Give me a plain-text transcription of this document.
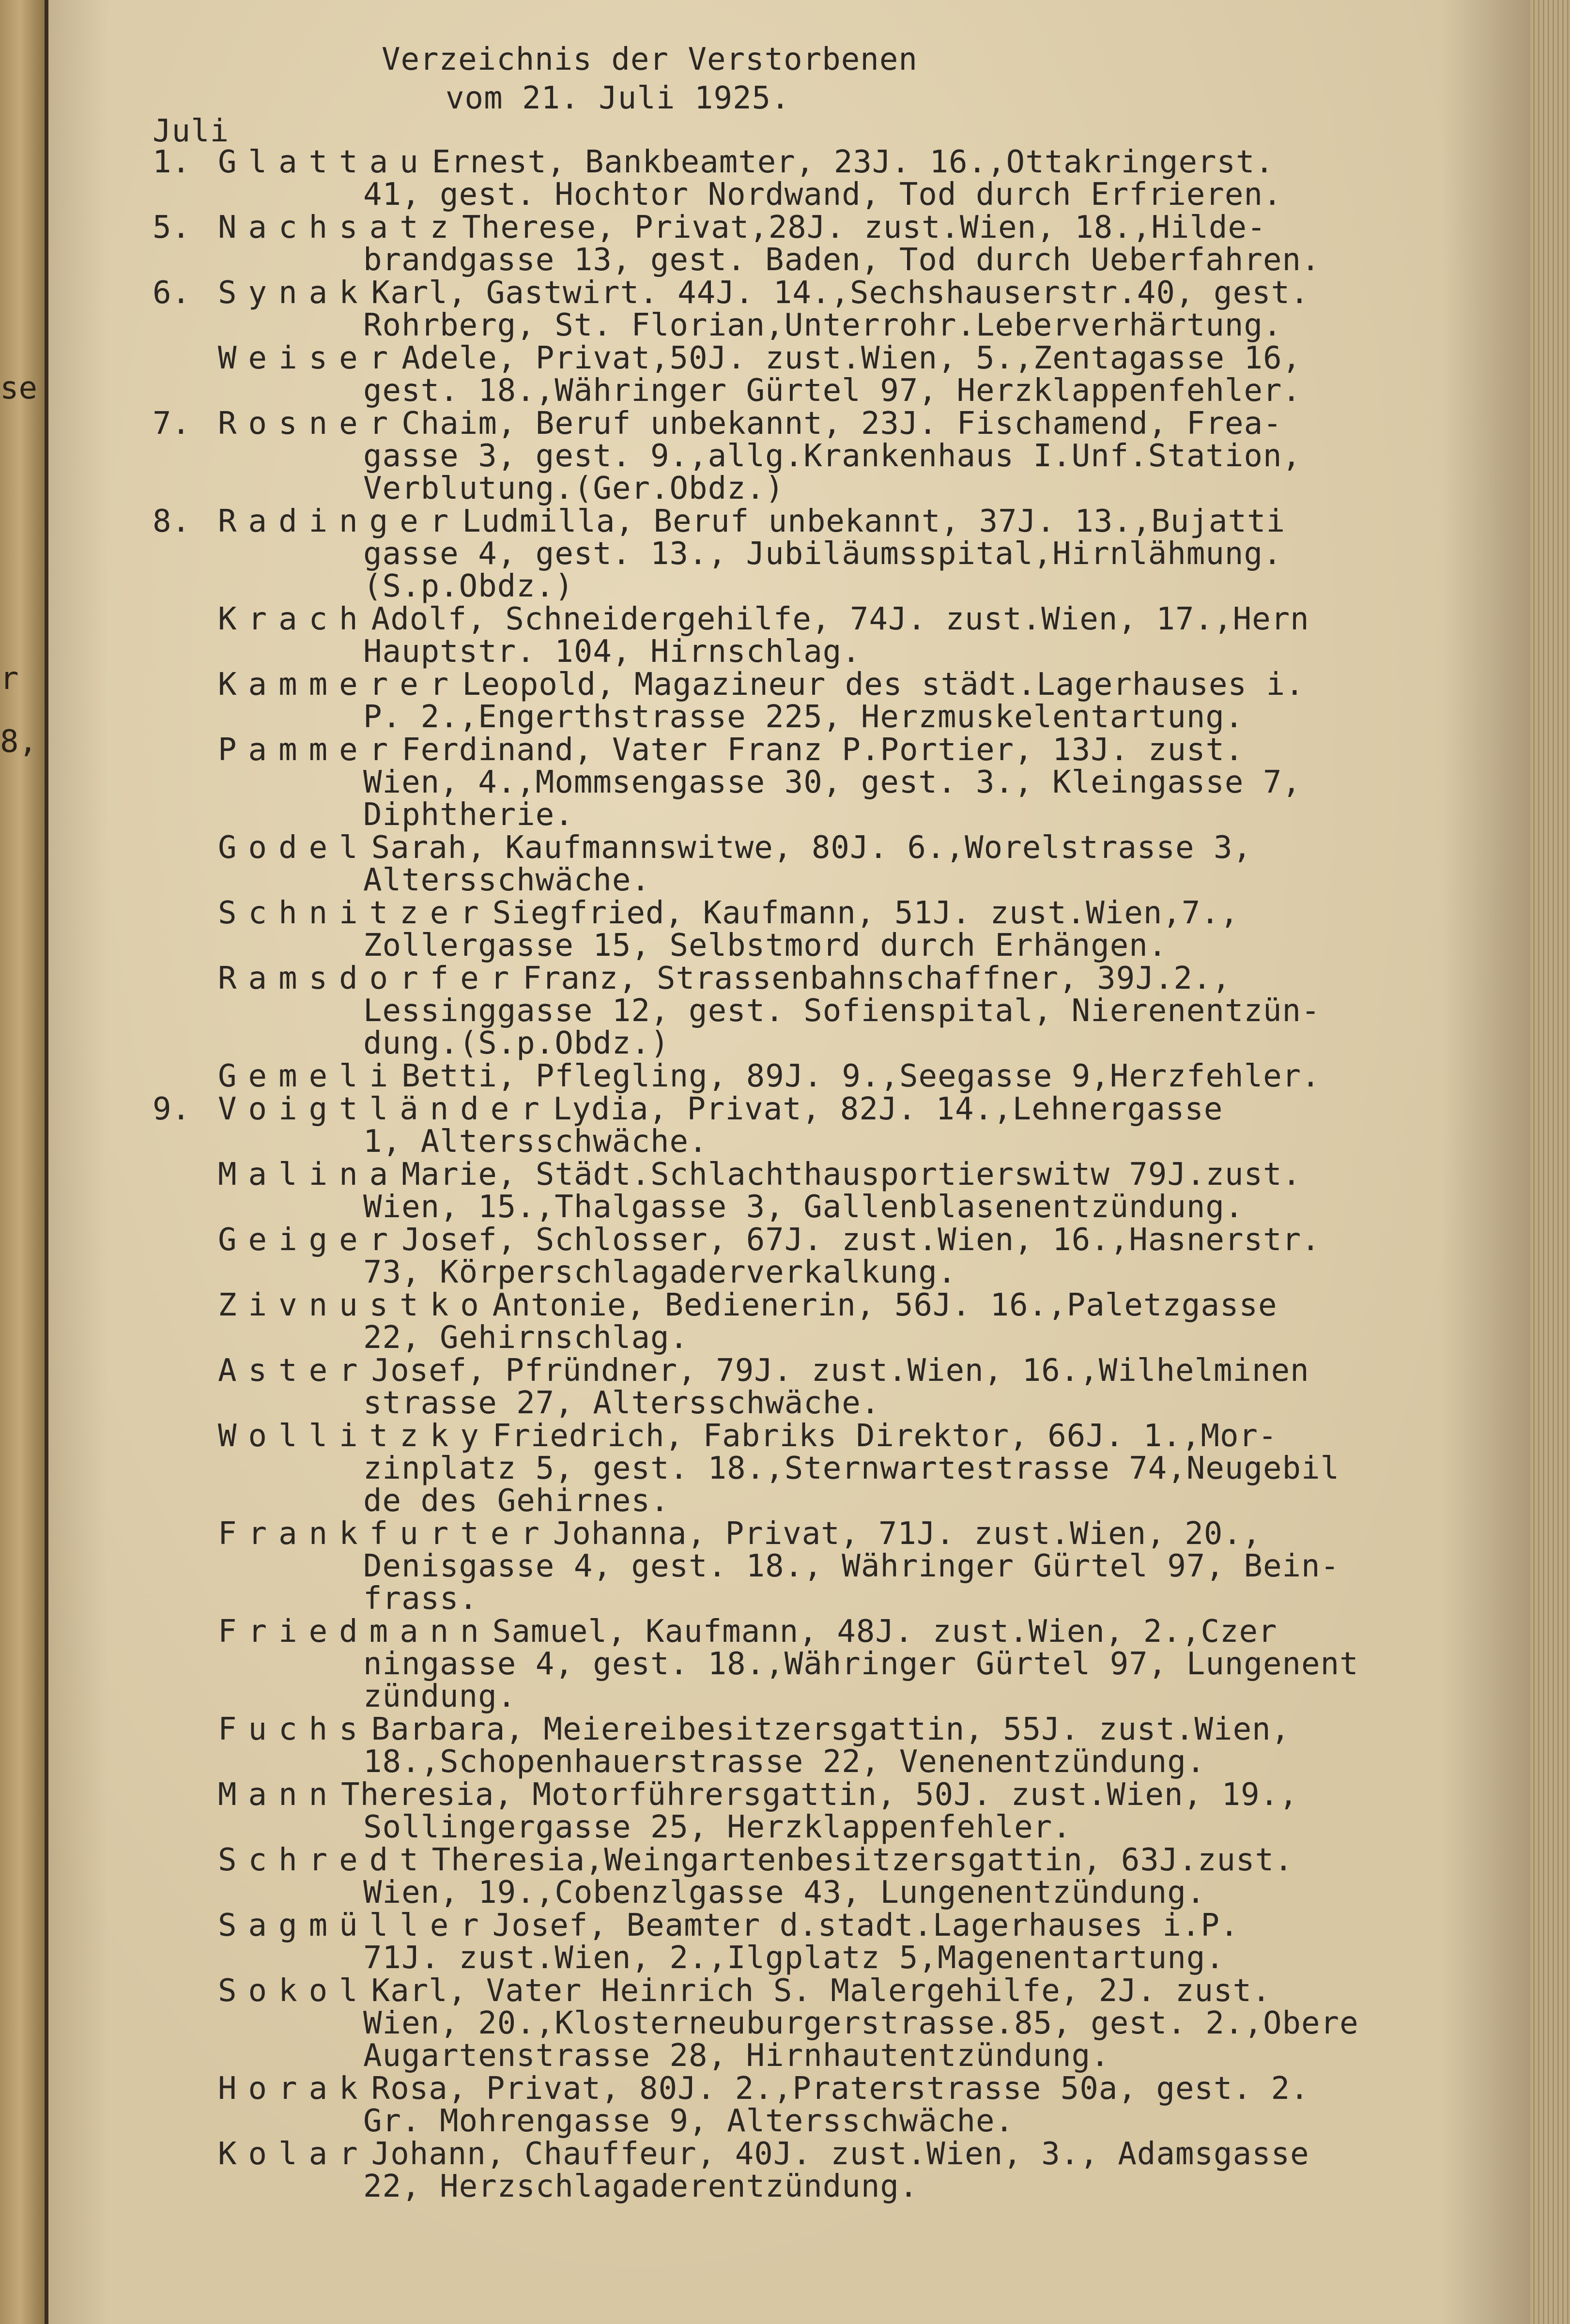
se
r
8,
Verzeichnis der Verstorbenen
vom 21. Juli 1925.
Juli
1. GlattauErnest, Bankbeamter, 23J. 16.,Ottakringerst.
41, gest. Hochtor Nordwand, Tod durch Erfrieren.
5. NachsatzTherese, Privat,28J. zust.Wien, 18.,Hilde-
brandgasse 13, gest. Baden, Tod durch Ueberfahren.
6. SynakKarl, Gastwirt. 44J. 14.,Sechshauserstr.40, gest.
Rohrberg, St. Florian,Unterrohr.Leberverhärtung.
WeiserAdele, Privat,50J. zust.Wien, 5.,Zentagasse 16,
gest. 18.,Währinger Gürtel 97, Herzklappenfehler.
7. RosnerChaim, Beruf unbekannt, 23J. Fischamend, Frea-
gasse 3, gest. 9.,allg.Krankenhaus I.Unf.Station,
Verblutung.(Ger.Obdz.)
8. RadingerLudmilla, Beruf unbekannt, 37J. 13.,Bujatti
gasse 4, gest. 13., Jubiläumsspital,Hirnlähmung.
(S.p.Obdz.)
KrachAdolf, Schneidergehilfe, 74J. zust.Wien, 17.,Hern
Hauptstr. 104, Hirnschlag.
KammererLeopold, Magazineur des städt.Lagerhauses i.
P. 2.,Engerthstrasse 225, Herzmuskelentartung.
PammerFerdinand, Vater Franz P.Portier, 13J. zust.
Wien, 4.,Mommsengasse 30, gest. 3., Kleingasse 7,
Diphtherie.
GodelSarah, Kaufmannswitwe, 80J. 6.,Worelstrasse 3,
Altersschwäche.
SchnitzerSiegfried, Kaufmann, 51J. zust.Wien,7.,
Zollergasse 15, Selbstmord durch Erhängen.
RamsdorferFranz, Strassenbahnschaffner, 39J.2.,
Lessinggasse 12, gest. Sofienspital, Nierenentzün-
dung.(S.p.Obdz.)
GemeliBetti, Pflegling, 89J. 9.,Seegasse 9,Herzfehler.
9. VoigtländerLydia, Privat, 82J. 14.,Lehnergasse
1, Altersschwäche.
MalinaMarie, Städt.Schlachthausportierswitw 79J.zust.
Wien, 15.,Thalgasse 3, Gallenblasenentzündung.
GeigerJosef, Schlosser, 67J. zust.Wien, 16.,Hasnerstr.
73, Körperschlagaderverkalkung.
ZivnustkoAntonie, Bedienerin, 56J. 16.,Paletzgasse
22, Gehirnschlag.
AsterJosef, Pfründner, 79J. zust.Wien, 16.,Wilhelminen
strasse 27, Altersschwäche.
WollitzkyFriedrich, Fabriks Direktor, 66J. 1.,Mor-
zinplatz 5, gest. 18.,Sternwartestrasse 74,Neugebil
de des Gehirnes.
FrankfurterJohanna, Privat, 71J. zust.Wien, 20.,
Denisgasse 4, gest. 18., Währinger Gürtel 97, Bein-
frass.
FriedmannSamuel, Kaufmann, 48J. zust.Wien, 2.,Czer
ningasse 4, gest. 18.,Währinger Gürtel 97, Lungenent
zündung.
FuchsBarbara, Meiereibesitzersgattin, 55J. zust.Wien,
18.,Schopenhauerstrasse 22, Venenentzündung.
MannTheresia, Motorführersgattin, 50J. zust.Wien, 19.,
Sollingergasse 25, Herzklappenfehler.
SchredtTheresia,Weingartenbesitzersgattin, 63J.zust.
Wien, 19.,Cobenzlgasse 43, Lungenentzündung.
SagmüllerJosef, Beamter d.stadt.Lagerhauses i.P.
71J. zust.Wien, 2.,Ilgplatz 5,Magenentartung.
SokolKarl, Vater Heinrich S. Malergehilfe, 2J. zust.
Wien, 20.,Klosterneuburgerstrasse.85, gest. 2.,Obere
Augartenstrasse 28, Hirnhautentzündung.
HorakRosa, Privat, 80J. 2.,Praterstrasse 50a, gest. 2.
Gr. Mohrengasse 9, Altersschwäche.
KolarJohann, Chauffeur, 40J. zust.Wien, 3., Adamsgasse
22, Herzschlagaderentzündung.
